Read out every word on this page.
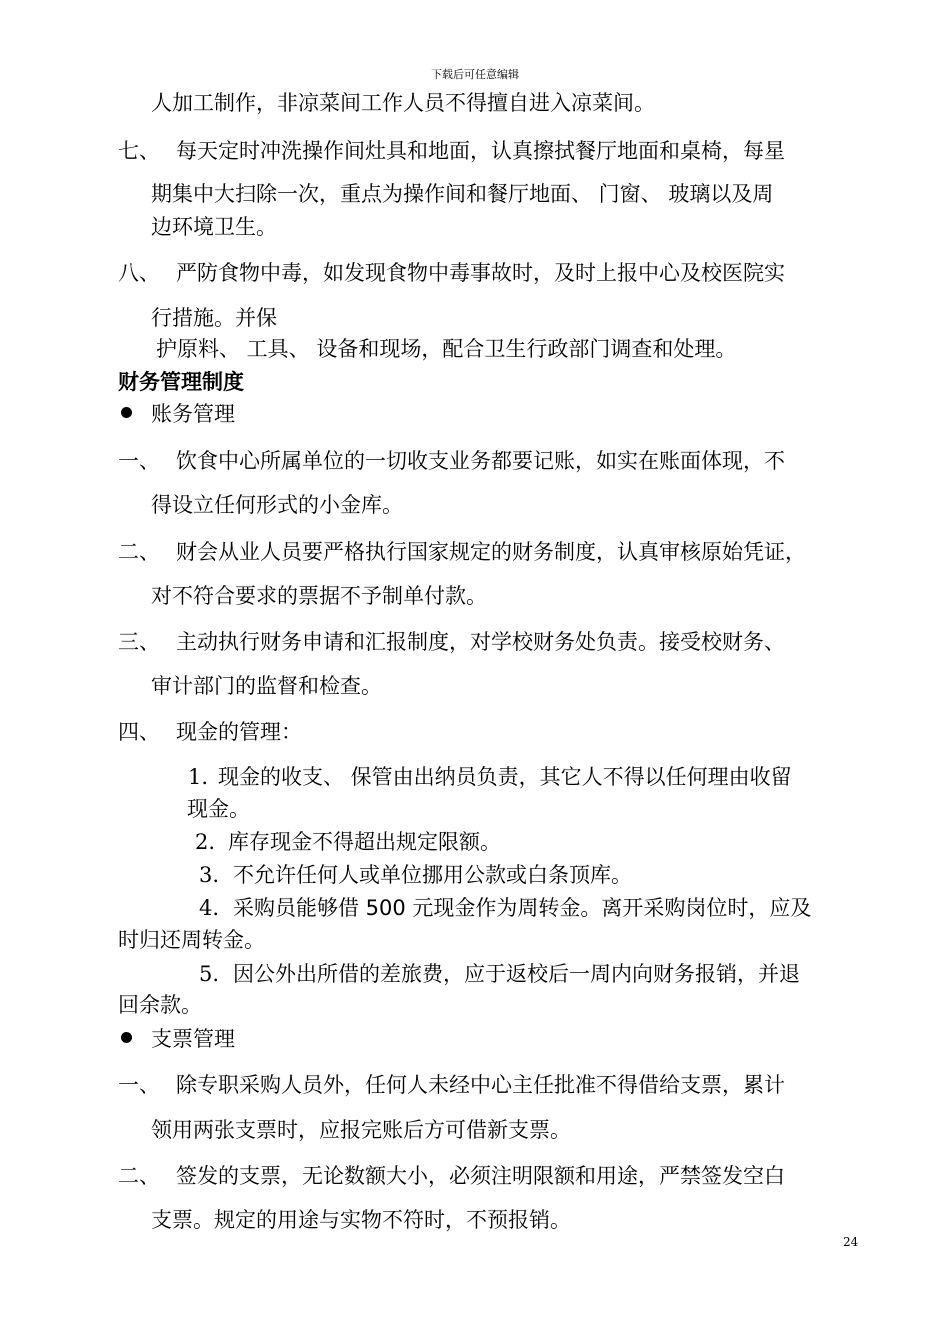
下载后可任意编辑
人加工制作，非凉菜间工作人员不得擅自进入凉菜间。
七、 每天定时冲洗操作间灶具和地面，认真擦拭餐厅地面和桌椅，每星
期集中大扫除一次，重点为操作间和餐厅地面、 门窗、 玻璃以及周
边环境卫生。
八、 严防食物中毒，如发现食物中毒事故时，及时上报中心及校医院实
行措施。并保
护原料、 工具、 设备和现场，配合卫生行政部门调查和处理。
财务管理制度
账务管理
一、 饮食中心所属单位的一切收支业务都要记账，如实在账面体现，不
得设立任何形式的小金库。
二、 财会从业人员要严格执行国家规定的财务制度，认真审核原始凭证，
对不符合要求的票据不予制单付款。
三、 主动执行财务申请和汇报制度，对学校财务处负责。接受校财务、
审计部门的监督和检查。
四、 现金的管理：
1. 现金的收支、 保管由出纳员负责，其它人不得以任何理由收留
现金。
2. 库存现金不得超出规定限额。
3. 不允许任何人或单位挪用公款或白条顶库。
4. 采购员能够借 500 元现金作为周转金。离开采购岗位时，应及
时归还周转金。
5. 因公外出所借的差旅费，应于返校后一周内向财务报销，并退
回余款。
支票管理
一、 除专职采购人员外，任何人未经中心主任批准不得借给支票，累计
领用两张支票时，应报完账后方可借新支票。
二、 签发的支票，无论数额大小，必须注明限额和用途，严禁签发空白
支票。规定的用途与实物不符时，不预报销。
24
